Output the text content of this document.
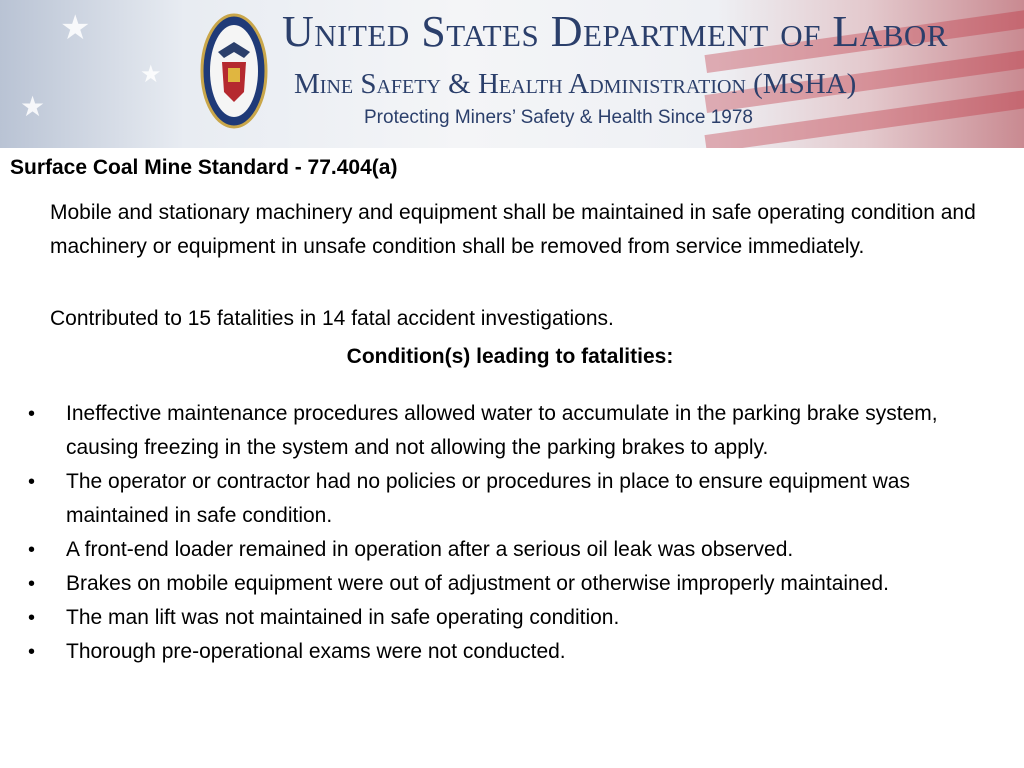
★
★
★
United States Department of Labor
Mine Safety & Health Administration (MSHA)
Protecting Miners’ Safety & Health Since 1978
Surface Coal Mine Standard - 77.404(a)
Mobile and stationary machinery and equipment shall be maintained in safe operating condition and machinery or equipment in unsafe condition shall be removed from service immediately.
Contributed to 15 fatalities in 14 fatal accident investigations.
Condition(s) leading to fatalities:
• Ineffective maintenance procedures allowed water to accumulate in the parking brake system, causing freezing in the system and not allowing the parking brakes to apply.
• The operator or contractor had no policies or procedures in place to ensure equipment was maintained in safe condition.
• A front-end loader remained in operation after a serious oil leak was observed.
• Brakes on mobile equipment were out of adjustment or otherwise improperly maintained.
• The man lift was not maintained in safe operating condition.
• Thorough pre-operational exams were not conducted.
